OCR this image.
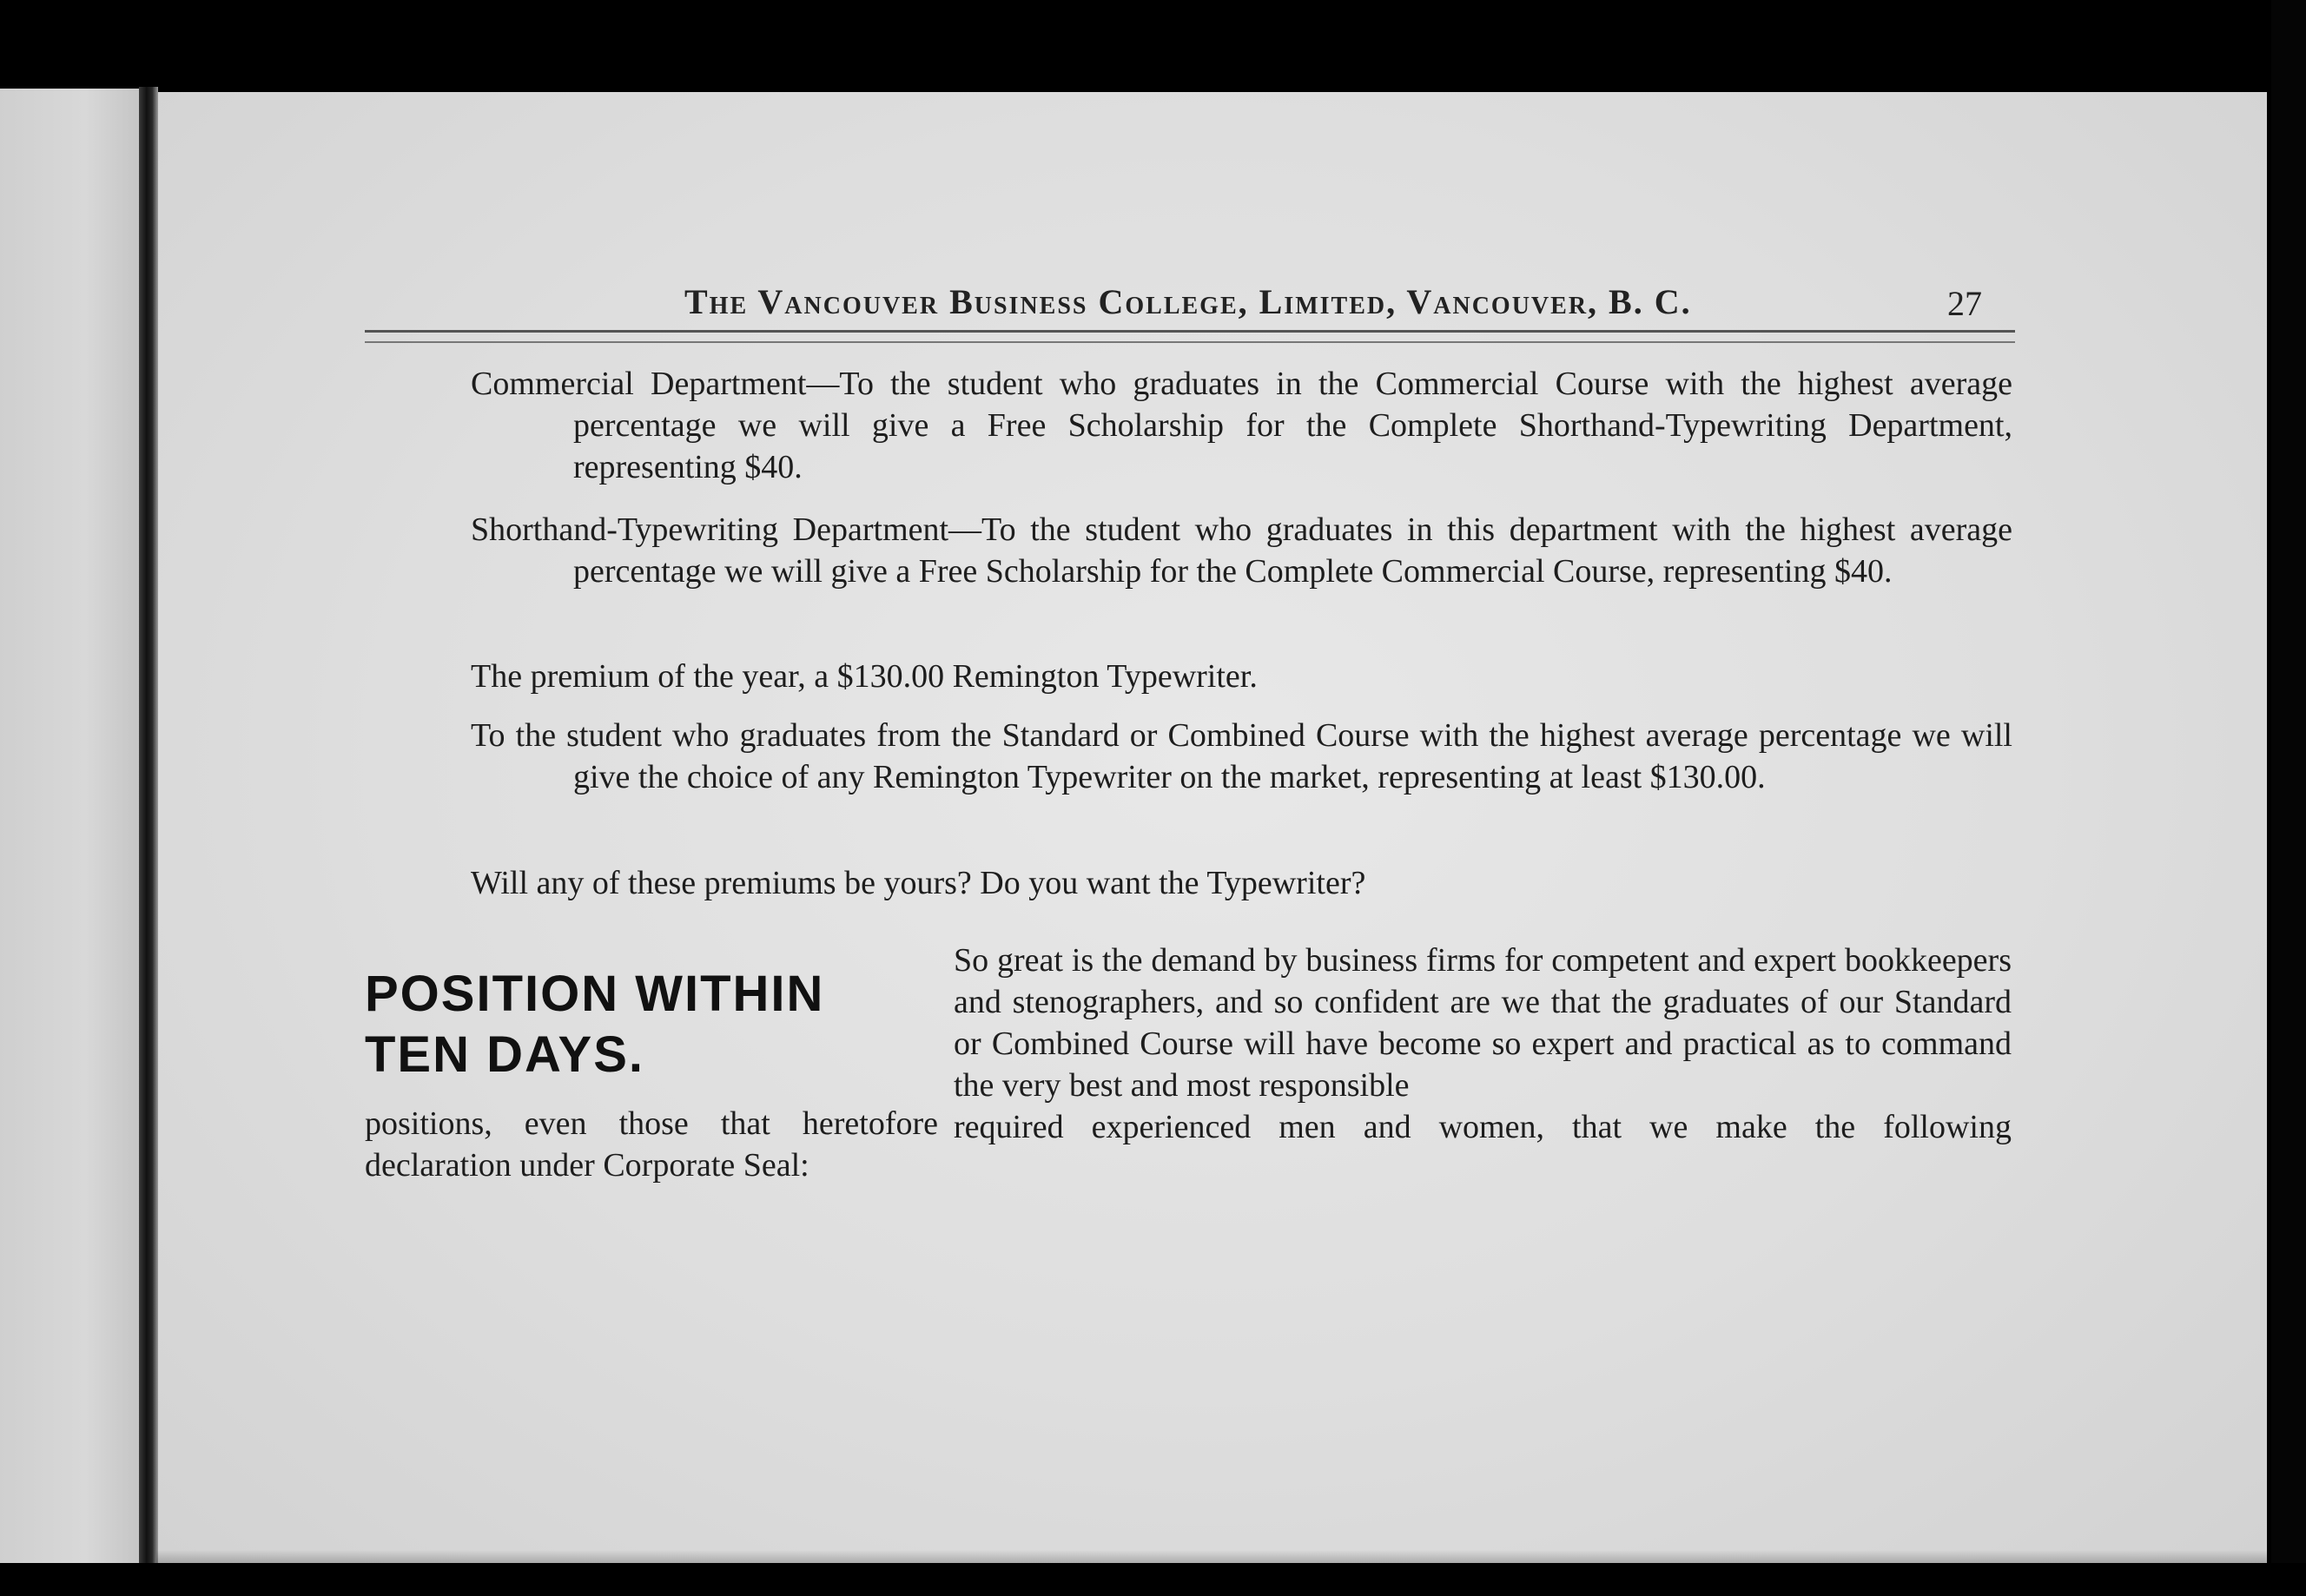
The Vancouver Business College, Limited, Vancouver, B. C.	27
Commercial Department—To the student who graduates in the Commercial Course with the highest average percentage we will give a Free Scholarship for the Complete Shorthand-Typewriting Department, representing $40.
Shorthand-Typewriting Department—To the student who graduates in this department with the highest average percentage we will give a Free Scholarship for the Complete Commercial Course, representing $40.
The premium of the year, a $130.00 Remington Typewriter.
To the student who graduates from the Standard or Combined Course with the highest average percentage we will give the choice of any Remington Typewriter on the market, representing at least $130.00.
Will any of these premiums be yours? Do you want the Typewriter?
POSITION WITHIN
TEN DAYS.
So great is the demand by business firms for competent and expert bookkeepers and stenographers, and so confident are we that the graduates of our Standard or Combined Course will have become so expert and practical as to command the very best and most responsible
required experienced men and women, that we make the following
positions, even those that heretofore
declaration under Corporate Seal:
